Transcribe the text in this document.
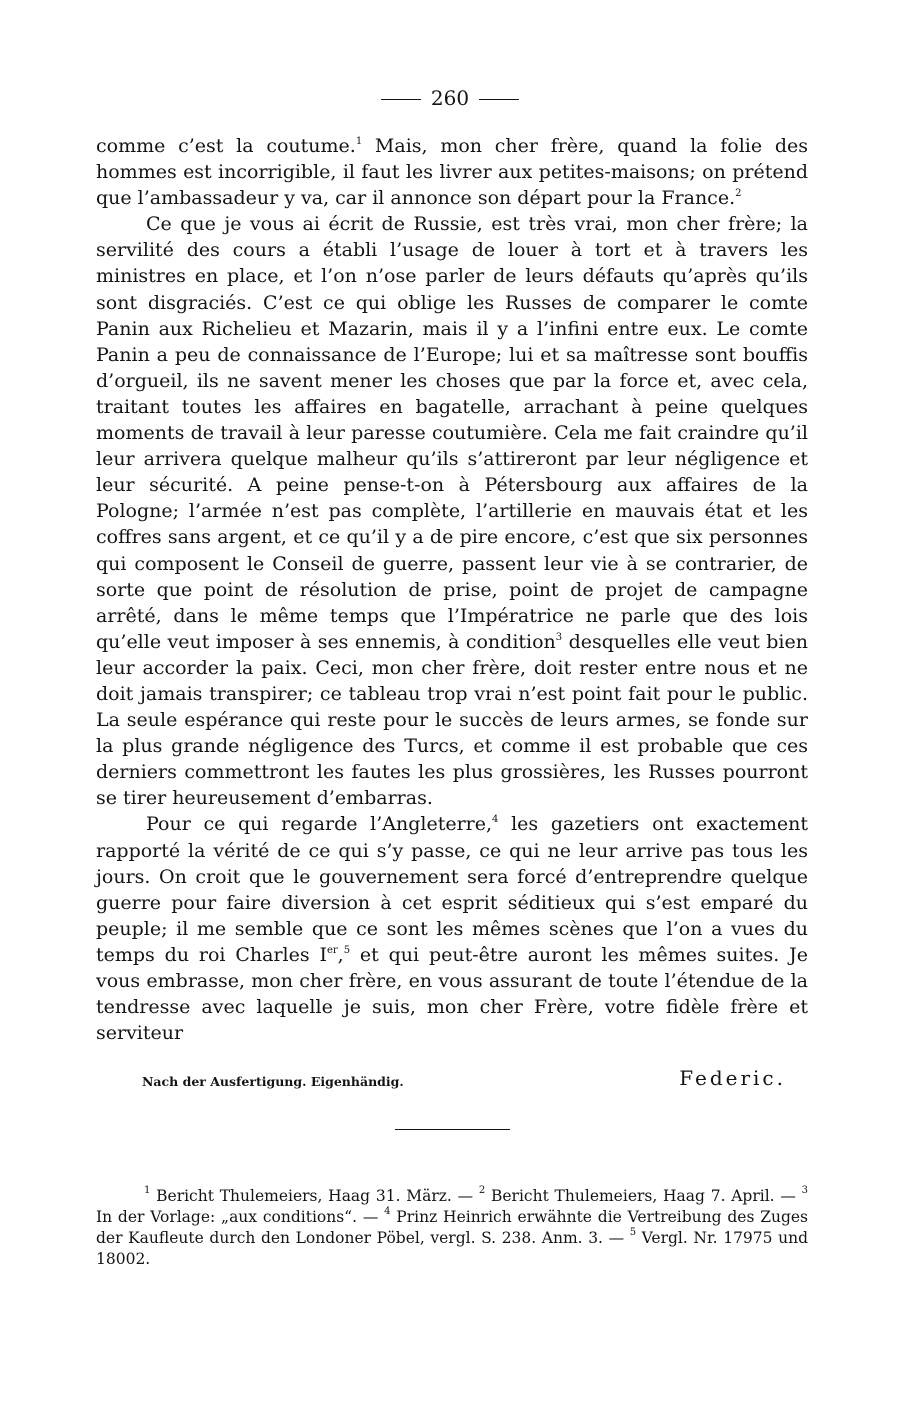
260

comme c’est la coutume.$^1$ Mais, mon cher frère, quand la folie des hommes est incorrigible, il faut les livrer aux petites-maisons; on prétend que l’ambassadeur y va, car il annonce son départ pour la France.$^2$

Ce que je vous ai écrit de Russie, est très vrai, mon cher frère; la servilité des cours a établi l’usage de louer à tort et à travers les ministres en place, et l’on n’ose parler de leurs défauts qu’après qu’ils sont disgraciés. C’est ce qui oblige les Russes de comparer le comte Panin aux Richelieu et Mazarin, mais il y a l’infini entre eux. Le comte Panin a peu de connaissance de l’Europe; lui et sa maîtresse sont bouffis d’orgueil, ils ne savent mener les choses que par la force et, avec cela, traitant toutes les affaires en bagatelle, arrachant à peine quelques moments de travail à leur paresse coutumière. Cela me fait craindre qu’il leur arrivera quelque malheur qu’ils s’attireront par leur négligence et leur sécurité. A peine pense-t-on à Pétersbourg aux affaires de la Pologne; l’armée n’est pas complète, l’artillerie en mauvais état et les coffres sans argent, et ce qu’il y a de pire encore, c’est que six personnes qui composent le Conseil de guerre, passent leur vie à se contrarier, de sorte que point de résolution de prise, point de projet de campagne arrêté, dans le même temps que l’Impératrice ne parle que des lois qu’elle veut imposer à ses ennemis, à condition$^3$ desquelles elle veut bien leur accorder la paix. Ceci, mon cher frère, doit rester entre nous et ne doit jamais transpirer; ce tableau trop vrai n’est point fait pour le public. La seule espérance qui reste pour le succès de leurs armes, se fonde sur la plus grande négligence des Turcs, et comme il est probable que ces derniers commettront les fautes les plus grossières, les Russes pourront se tirer heureusement d’embarras.

Pour ce qui regarde l’Angleterre,$^4$ les gazetiers ont exactement rapporté la vérité de ce qui s’y passe, ce qui ne leur arrive pas tous les jours. On croit que le gouvernement sera forcé d’entreprendre quelque guerre pour faire diversion à cet esprit séditieux qui s’est emparé du peuple; il me semble que ce sont les mêmes scènes que l’on a vues du temps du roi Charles Ier,$^5$ et qui peut-être auront les mêmes suites. Je vous embrasse, mon cher frère, en vous assurant de toute l’étendue de la tendresse avec laquelle je suis, mon cher Frère, votre fidèle frère et serviteur

Nach der Ausfertigung. Eigenhändig.	Federic.

$^1$ Bericht Thulemeiers, Haag 31. März. — $^2$ Bericht Thulemeiers, Haag 7. April. — $^3$ In der Vorlage: „aux conditions“. — $^4$ Prinz Heinrich erwähnte die Vertreibung des Zuges der Kaufleute durch den Londoner Pöbel, vergl. S. 238. Anm. 3. — $^5$ Vergl. Nr. 17975 und 18002.
